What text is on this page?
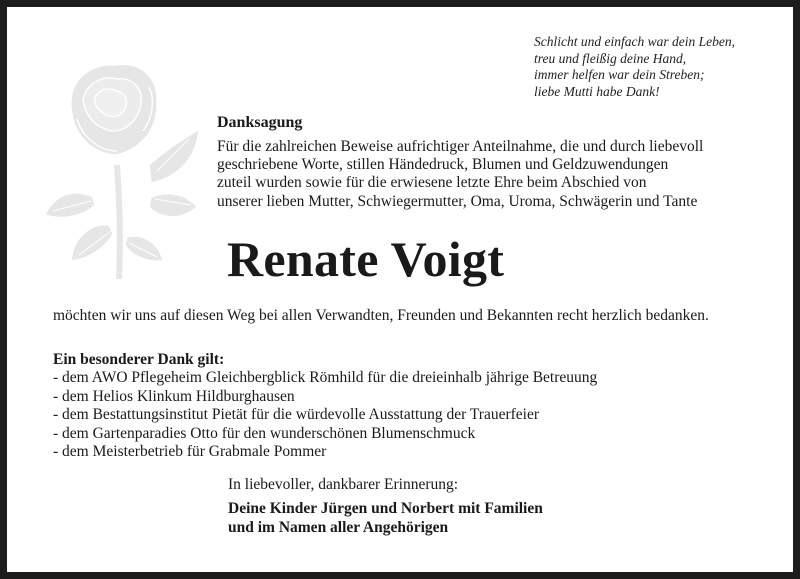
Schlicht und einfach war dein Leben,
treu und fleißig deine Hand,
immer helfen war dein Streben;
liebe Mutti habe Dank!
Danksagung
Für die zahlreichen Beweise aufrichtiger Anteilnahme, die und durch liebevoll
geschriebene Worte, stillen Händedruck, Blumen und Geldzuwendungen
zuteil wurden sowie für die erwiesene letzte Ehre beim Abschied von
unserer lieben Mutter, Schwiegermutter, Oma, Uroma, Schwägerin und Tante
Renate Voigt
möchten wir uns auf diesen Weg bei allen Verwandten, Freunden und Bekannten recht herzlich bedanken.
Ein besonderer Dank gilt:
- dem AWO Pflegeheim Gleichbergblick Römhild für die dreieinhalb jährige Betreuung
- dem Helios Klinkum Hildburghausen
- dem Bestattungsinstitut Pietät für die würdevolle Ausstattung der Trauerfeier
- dem Gartenparadies Otto für den wunderschönen Blumenschmuck
- dem Meisterbetrieb für Grabmale Pommer
In liebevoller, dankbarer Erinnerung:
Deine Kinder Jürgen und Norbert mit Familien
und im Namen aller Angehörigen
